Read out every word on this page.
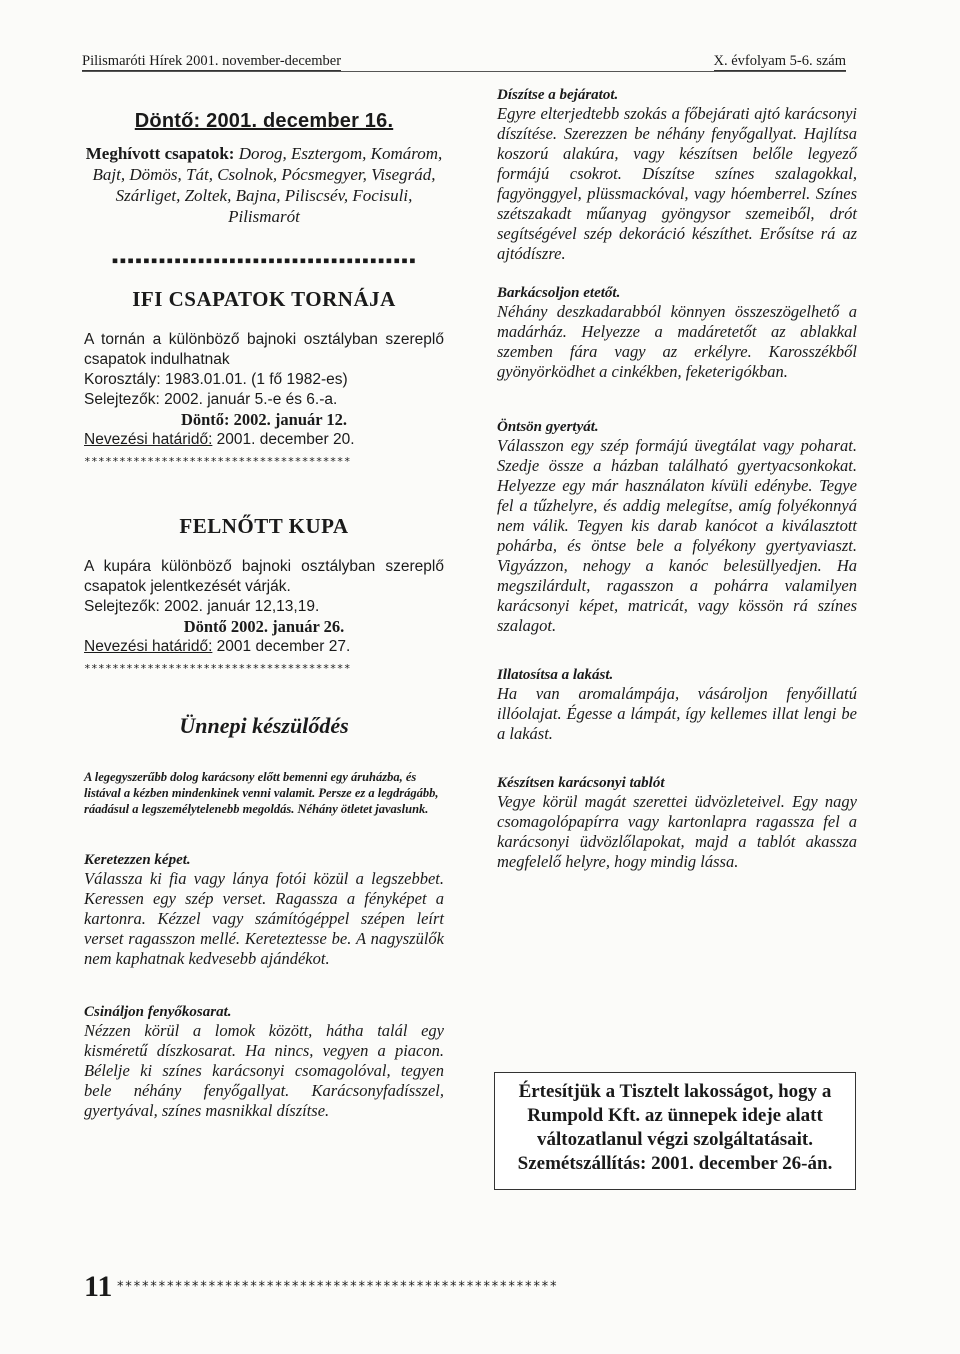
Pilismaróti Hírek 2001. november-december	X. évfolyam 5-6. szám
Döntő: 2001. december 16.

Meghívott csapatok: Dorog, Esztergom, Komárom, Bajt, Dömös, Tát, Csolnok, Pócsmegyer, Visegrád, Szárliget, Zoltek, Bajna, Piliscsév, Focisuli, Pilismarót

▪▪▪▪▪▪▪▪▪▪▪▪▪▪▪▪▪▪▪▪▪▪▪▪▪▪▪▪▪▪▪▪▪▪▪▪▪▪▪
IFI CSAPATOK TORNÁJA

A tornán a különböző bajnoki osztályban szereplő csapatok indulhatnak

Korosztály: 1983.01.01. (1 fő 1982-es)

Selejtezők: 2002. január 5.-e és 6.-a.

Döntő: 2002. január 12.

Nevezési határidő: 2001. december 20.

**************************************
FELNŐTT KUPA

A kupára különböző bajnoki osztályban szereplő csapatok jelentkezését várják.

Selejtezők: 2002. január 12,13,19.

Döntő 2002. január 26.

Nevezési határidő: 2001 december 27.

**************************************
Ünnepi készülődés

A legegyszerűbb dolog karácsony előtt bemenni egy áruházba, és listával a kézben mindenkinek venni valamit. Persze ez a legdrágább, ráadásul a legszemélytelenebb megoldás. Néhány ötletet javaslunk.

Keretezzen képet.

Válassza ki fia vagy lánya fotói közül a legszebbet. Keressen egy szép verset. Ragassza a fényképet a kartonra. Kézzel vagy számítógéppel szépen leírt verset ragasszon mellé. Kereteztesse be. A nagyszülők nem kaphatnak kedvesebb ajándékot.

Csináljon fenyőkosarat.

Nézzen körül a lomok között, hátha talál egy kisméretű díszkosarat. Ha nincs, vegyen a piacon. Bélelje ki színes karácsonyi csomagolóval, tegyen bele néhány fenyőgallyat. Karácsonyfadísszel, gyertyával, színes masnikkal díszítse.

Díszítse a bejáratot.

Egyre elterjedtebb szokás a főbejárati ajtó karácsonyi díszítése. Szerezzen be néhány fenyőgallyat. Hajlítsa koszorú alakúra, vagy készítsen belőle legyező formájú csokrot. Díszítse színes szalagokkal, fagyönggyel, plüssmackóval, vagy hóemberrel. Színes szétszakadt műanyag gyöngysor szemeiből, drót segítségével szép dekoráció készíthet. Erősítse rá az ajtódíszre.

Barkácsoljon etetőt.

Néhány deszkadarabból könnyen összeszögelhető a madárház. Helyezze a madáretetőt az ablakkal szemben fára vagy az erkélyre. Karosszékből gyönyörködhet a cinkékben, feketerigókban.

Öntsön gyertyát.

Válasszon egy szép formájú üvegtálat vagy poharat. Szedje össze a házban található gyertyacsonkokat. Helyezze egy már használaton kívüli edénybe. Tegye fel a tűzhelyre, és addig melegítse, amíg folyékonnyá nem válik. Tegyen kis darab kanócot a kiválasztott pohárba, és öntse bele a folyékony gyertyaviaszt. Vigyázzon, nehogy a kanóc belesüllyedjen. Ha megszilárdult, ragasszon a pohárra valamilyen karácsonyi képet, matricát, vagy kössön rá színes szalagot.

Illatosítsa a lakást.

Ha van aromalámpája, vásároljon fenyőillatú illóolajat. Égesse a lámpát, így kellemes illat lengi be a lakást.

Készítsen karácsonyi tablót

Vegye körül magát szerettei üdvözleteivel. Egy nagy csomagolópapírra vagy kartonlapra ragassza fel a karácsonyi üdvözlőlapokat, majd a tablót akassza megfelelő helyre, hogy mindig lássa.

Értesítjük a Tisztelt lakosságot, hogy a Rumpold Kft. az ünnepek ideje alatt változatlanul végzi szolgáltatásait. Szemétszállítás: 2001. december 26-án.
11 *****************************************************
